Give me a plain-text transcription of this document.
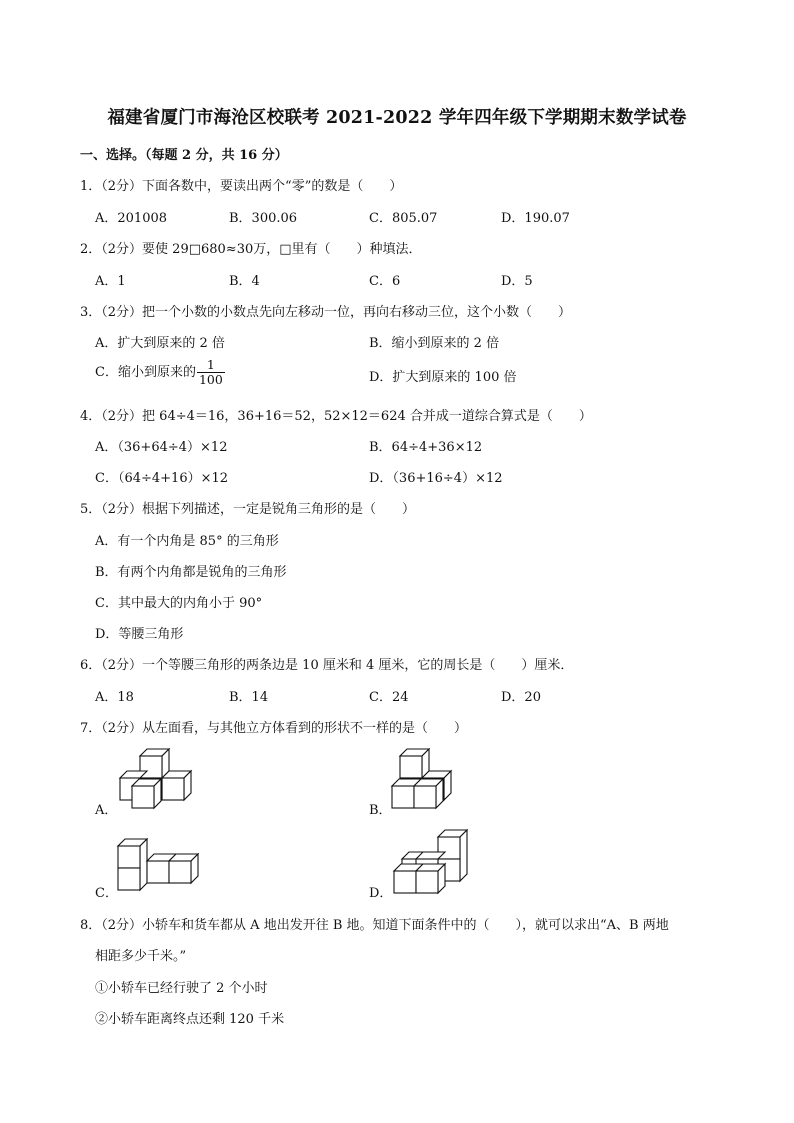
福建省厦门市海沧区校联考 2021-2022 学年四年级下学期期末数学试卷
一、选择。（每题 2 分，共 16 分）
1．（2分）下面各数中，要读出两个“零”的数是（　　）
A．201008	B．300.06	C．805.07	D．190.07
2．（2分）要使 29□680≈30万，□里有（　　）种填法．
A．1	B．4	C．6	D．5
3．（2分）把一个小数的小数点先向左移动一位，再向右移动三位，这个小数（　　）
A．扩大到原来的 2 倍	B．缩小到原来的 2 倍
C．缩小到原来的 $\frac{1}{100}$	D．扩大到原来的 100 倍
4．（2分）把 64÷4＝16，36+16＝52，52×12＝624 合并成一道综合算式是（　　）
A．（36+64÷4）×12	B．64÷4+36×12
C．（64÷4+16）×12	D．（36+16÷4）×12
5．（2分）根据下列描述，一定是锐角三角形的是（　　）
A．有一个内角是 85° 的三角形
B．有两个内角都是锐角的三角形
C．其中最大的内角小于 90°
D．等腰三角形
6．（2分）一个等腰三角形的两条边是 10 厘米和 4 厘米，它的周长是（　　）厘米．
A．18	B．14	C．24	D．20
7．（2分）从左面看，与其他立方体看到的形状不一样的是（　　）
A．	B．
C．	D．
8．（2分）小轿车和货车都从 A 地出发开往 B 地。知道下面条件中的（　　），就可以求出“A、B 两地
相距多少千米。”
①小轿车已经行驶了 2 个小时
②小轿车距离终点还剩 120 千米
